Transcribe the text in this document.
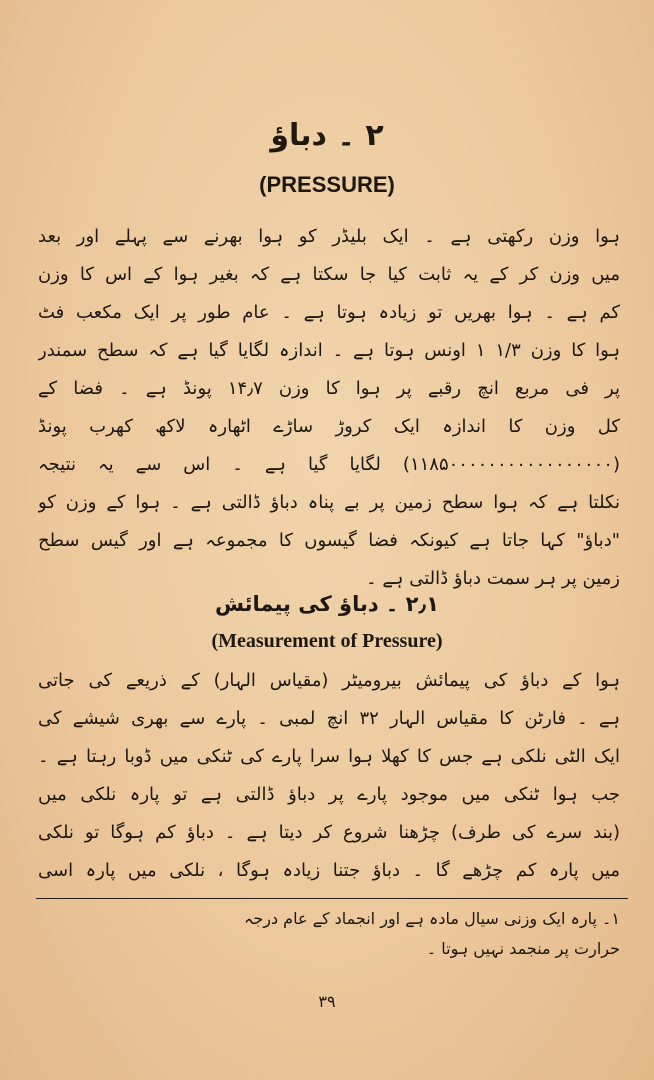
۲ ۔ دباؤ
(PRESSURE)
ہوا وزن رکھتی ہے ۔ ایک بلیڈر کو ہوا بھرنے سے پہلے اور بعد
میں وزن کر کے یہ ثابت کیا جا سکتا ہے کہ بغیر ہوا کے اس کا وزن
کم ہے ۔ ہوا بھریں تو زیادہ ہوتا ہے ۔ عام طور پر ایک مکعب فٹ
ہوا کا وزن ۱/۳ ۱ اونس ہوتا ہے ۔ اندازہ لگایا گیا ہے کہ سطح سمندر
پر فی مربع انچ رقبے پر ہوا کا وزن ۱۴٫۷ پونڈ ہے ۔ فضا کے
کل وزن کا اندازہ ایک کروڑ ساڑے اٹھارہ لاکھ کھرب پونڈ
(۱۱۸۵۰۰۰۰۰۰۰۰۰۰۰۰۰۰۰۰۰) لگایا گیا ہے ۔ اس سے یہ نتیجہ
نکلتا ہے کہ ہوا سطح زمین پر بے پناہ دباؤ ڈالتی ہے ۔ ہوا کے وزن کو
"دباؤ" کہا جاتا ہے کیونکہ فضا گیسوں کا مجموعہ ہے اور گیس سطح
زمین پر ہر سمت دباؤ ڈالتی ہے ۔
۲٫۱ ۔ دباؤ کی پیمائش
(Measurement of Pressure)
ہوا کے دباؤ کی پیمائش بیرومیٹر (مقیاس الہار) کے ذریعے کی جاتی
ہے ۔ فارٹن کا مقیاس الہار ۳۲ انچ لمبی ۔ پارے سے بھری شیشے کی
ایک الٹی نلکی ہے جس کا کھلا ہوا سرا پارے کی ٹنکی میں ڈوبا رہتا ہے ۔
جب ہوا ٹنکی میں موجود پارے پر دباؤ ڈالتی ہے تو پارہ نلکی میں
(بند سرے کی طرف) چڑھنا شروع کر دیتا ہے ۔ دباؤ کم ہوگا تو نلکی
میں پارہ کم چڑھے گا ۔ دباؤ جتنا زیادہ ہوگا ، نلکی میں پارہ اسی
۱۔ پارہ ایک وزنی سیال مادہ ہے اور انجماد کے عام درجہ
حرارت پر منجمد نہیں ہوتا ۔
۳۹
